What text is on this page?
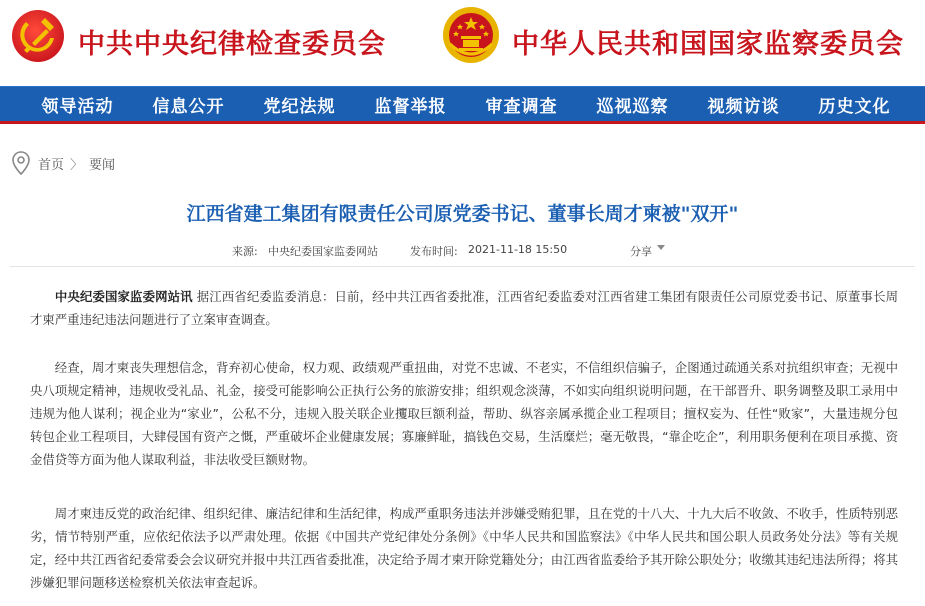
中共中央纪律检查委员会	中华人民共和国国家监察委员会
领导活动	信息公开	党纪法规	监督举报	审查调查	巡视巡察	视频访谈	历史文化
首页 〉 要闻
江西省建工集团有限责任公司原党委书记、董事长周才柬被"双开"
来源: 中央纪委国家监委网站	发布时间: 2021-11-18 15:50	分享

  中央纪委国家监委网站讯 据江西省纪委监委消息：日前，经中共江西省委批准，江西省纪委监委对江西省建工集团有限责任公司原党委书记、原董事长周才柬严重违纪违法问题进行了立案审查调查。

  经查，周才柬丧失理想信念，背弃初心使命，权力观、政绩观严重扭曲，对党不忠诚、不老实，不信组织信骗子，企图通过疏通关系对抗组织审查；无视中央八项规定精神，违规收受礼品、礼金，接受可能影响公正执行公务的旅游安排；组织观念淡薄，不如实向组织说明问题，在干部晋升、职务调整及职工录用中违规为他人谋利；视企业为“家业”，公私不分，违规入股关联企业攫取巨额利益，帮助、纵容亲属承揽企业工程项目；擅权妄为、任性“败家”，大量违规分包转包企业工程项目，大肆侵国有资产之慨，严重破坏企业健康发展；寡廉鲜耻，搞钱色交易，生活糜烂；毫无敬畏，“靠企吃企”，利用职务便利在项目承揽、资金借贷等方面为他人谋取利益，非法收受巨额财物。

  周才柬违反党的政治纪律、组织纪律、廉洁纪律和生活纪律，构成严重职务违法并涉嫌受贿犯罪，且在党的十八大、十九大后不收敛、不收手，性质特别恶劣，情节特别严重，应依纪依法予以严肃处理。依据《中国共产党纪律处分条例》《中华人民共和国监察法》《中华人民共和国公职人员政务处分法》等有关规定，经中共江西省纪委常委会会议研究并报中共江西省委批准，决定给予周才柬开除党籍处分；由江西省监委给予其开除公职处分；收缴其违纪违法所得；将其涉嫌犯罪问题移送检察机关依法审查起诉。
